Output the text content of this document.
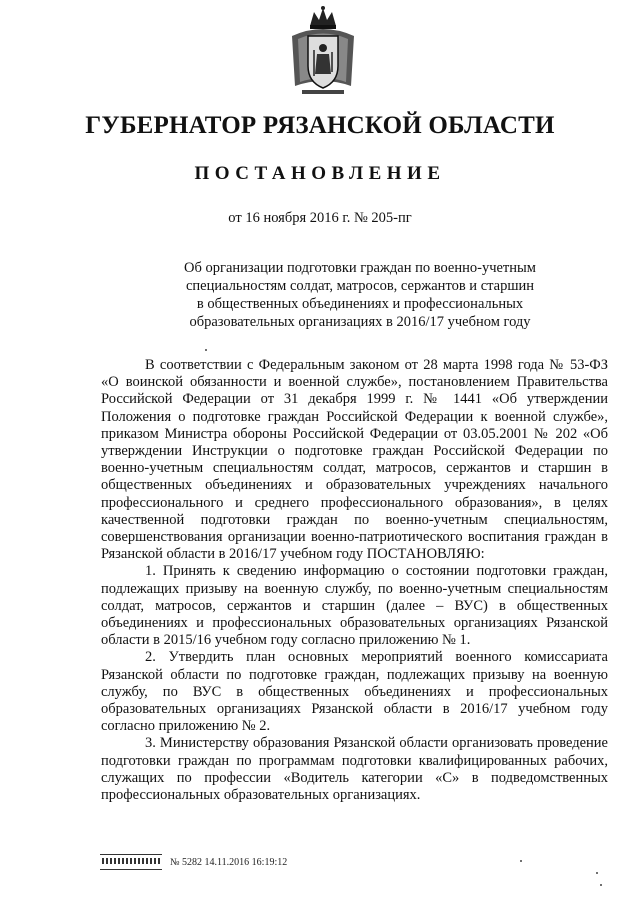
ГУБЕРНАТОР РЯЗАНСКОЙ ОБЛАСТИ
ПОСТАНОВЛЕНИЕ
от 16 ноября 2016 г. № 205-пг
Об организации подготовки граждан по военно-учетным
специальностям солдат, матросов, сержантов и старшин
в общественных объединениях и профессиональных
образовательных организациях в 2016/17 учебном году

В соответствии с Федеральным законом от 28 марта 1998 года № 53-ФЗ «О воинской обязанности и военной службе», постановлением Правительства Российской Федерации от 31 декабря 1999 г. № 1441 «Об утверждении Положения о подготовке граждан Российской Федерации к военной службе», приказом Министра обороны Российской Федерации от 03.05.2001 № 202 «Об утверждении Инструкции о подготовке граждан Российской Федерации по военно-учетным специальностям солдат, матросов, сержантов и старшин в общественных объединениях и образовательных учреждениях начального профессионального и среднего профессионального образования», в целях качественной подготовки граждан по военно-учетным специальностям, совершенствования организации военно-патриотического воспитания граждан в Рязанской области в 2016/17 учебном году ПОСТАНОВЛЯЮ:

1. Принять к сведению информацию о состоянии подготовки граждан, подлежащих призыву на военную службу, по военно-учетным специальностям солдат, матросов, сержантов и старшин (далее – ВУС) в общественных объединениях и профессиональных образовательных организациях Рязанской области в 2015/16 учебном году согласно приложению № 1.

2. Утвердить план основных мероприятий военного комиссариата Рязанской области по подготовке граждан, подлежащих призыву на военную службу, по ВУС в общественных объединениях и профессиональных образовательных организациях Рязанской области в 2016/17 учебном году согласно приложению № 2.

3. Министерству образования Рязанской области организовать проведение подготовки граждан по программам подготовки квалифицированных рабочих, служащих по профессии «Водитель категории «С» в подведомственных профессиональных образовательных организациях.

№ 5282 14.11.2016 16:19:12
